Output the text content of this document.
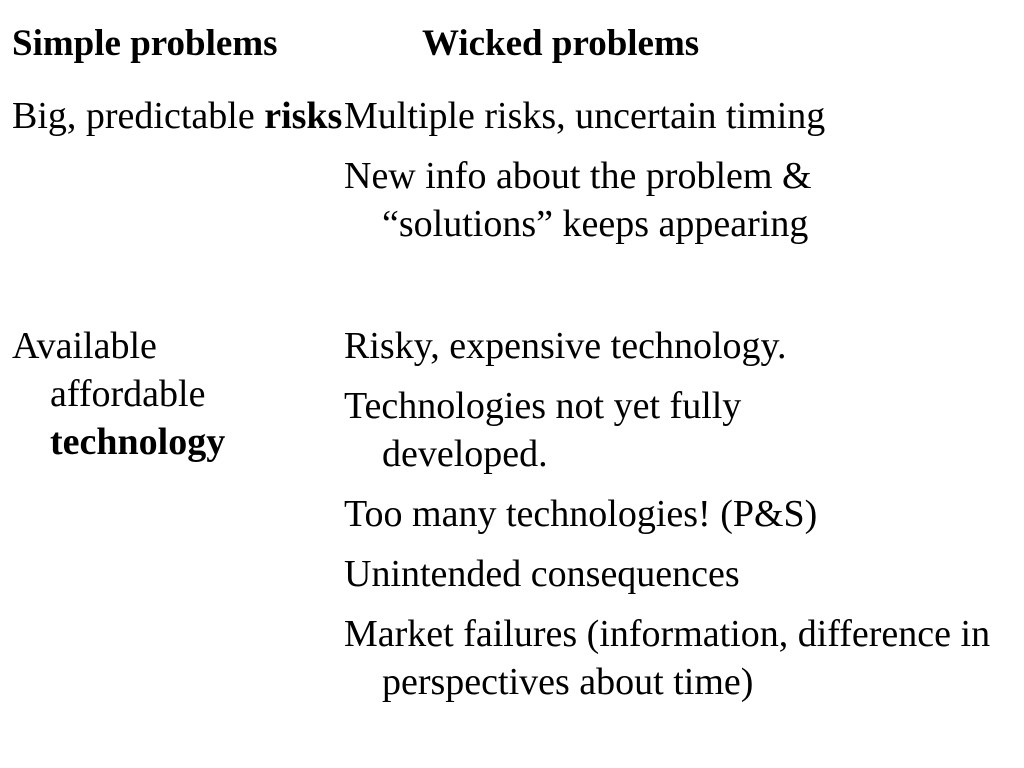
Simple problems	Wicked problems

Big, predictable risks Multiple risks, uncertain timing

New info about the problem & “solutions” keeps appearing

Available affordable technology

Risky, expensive technology.

Technologies not yet fully developed.

Too many technologies! (P&S)

Unintended consequences

Market failures (information, difference in perspectives about time)
